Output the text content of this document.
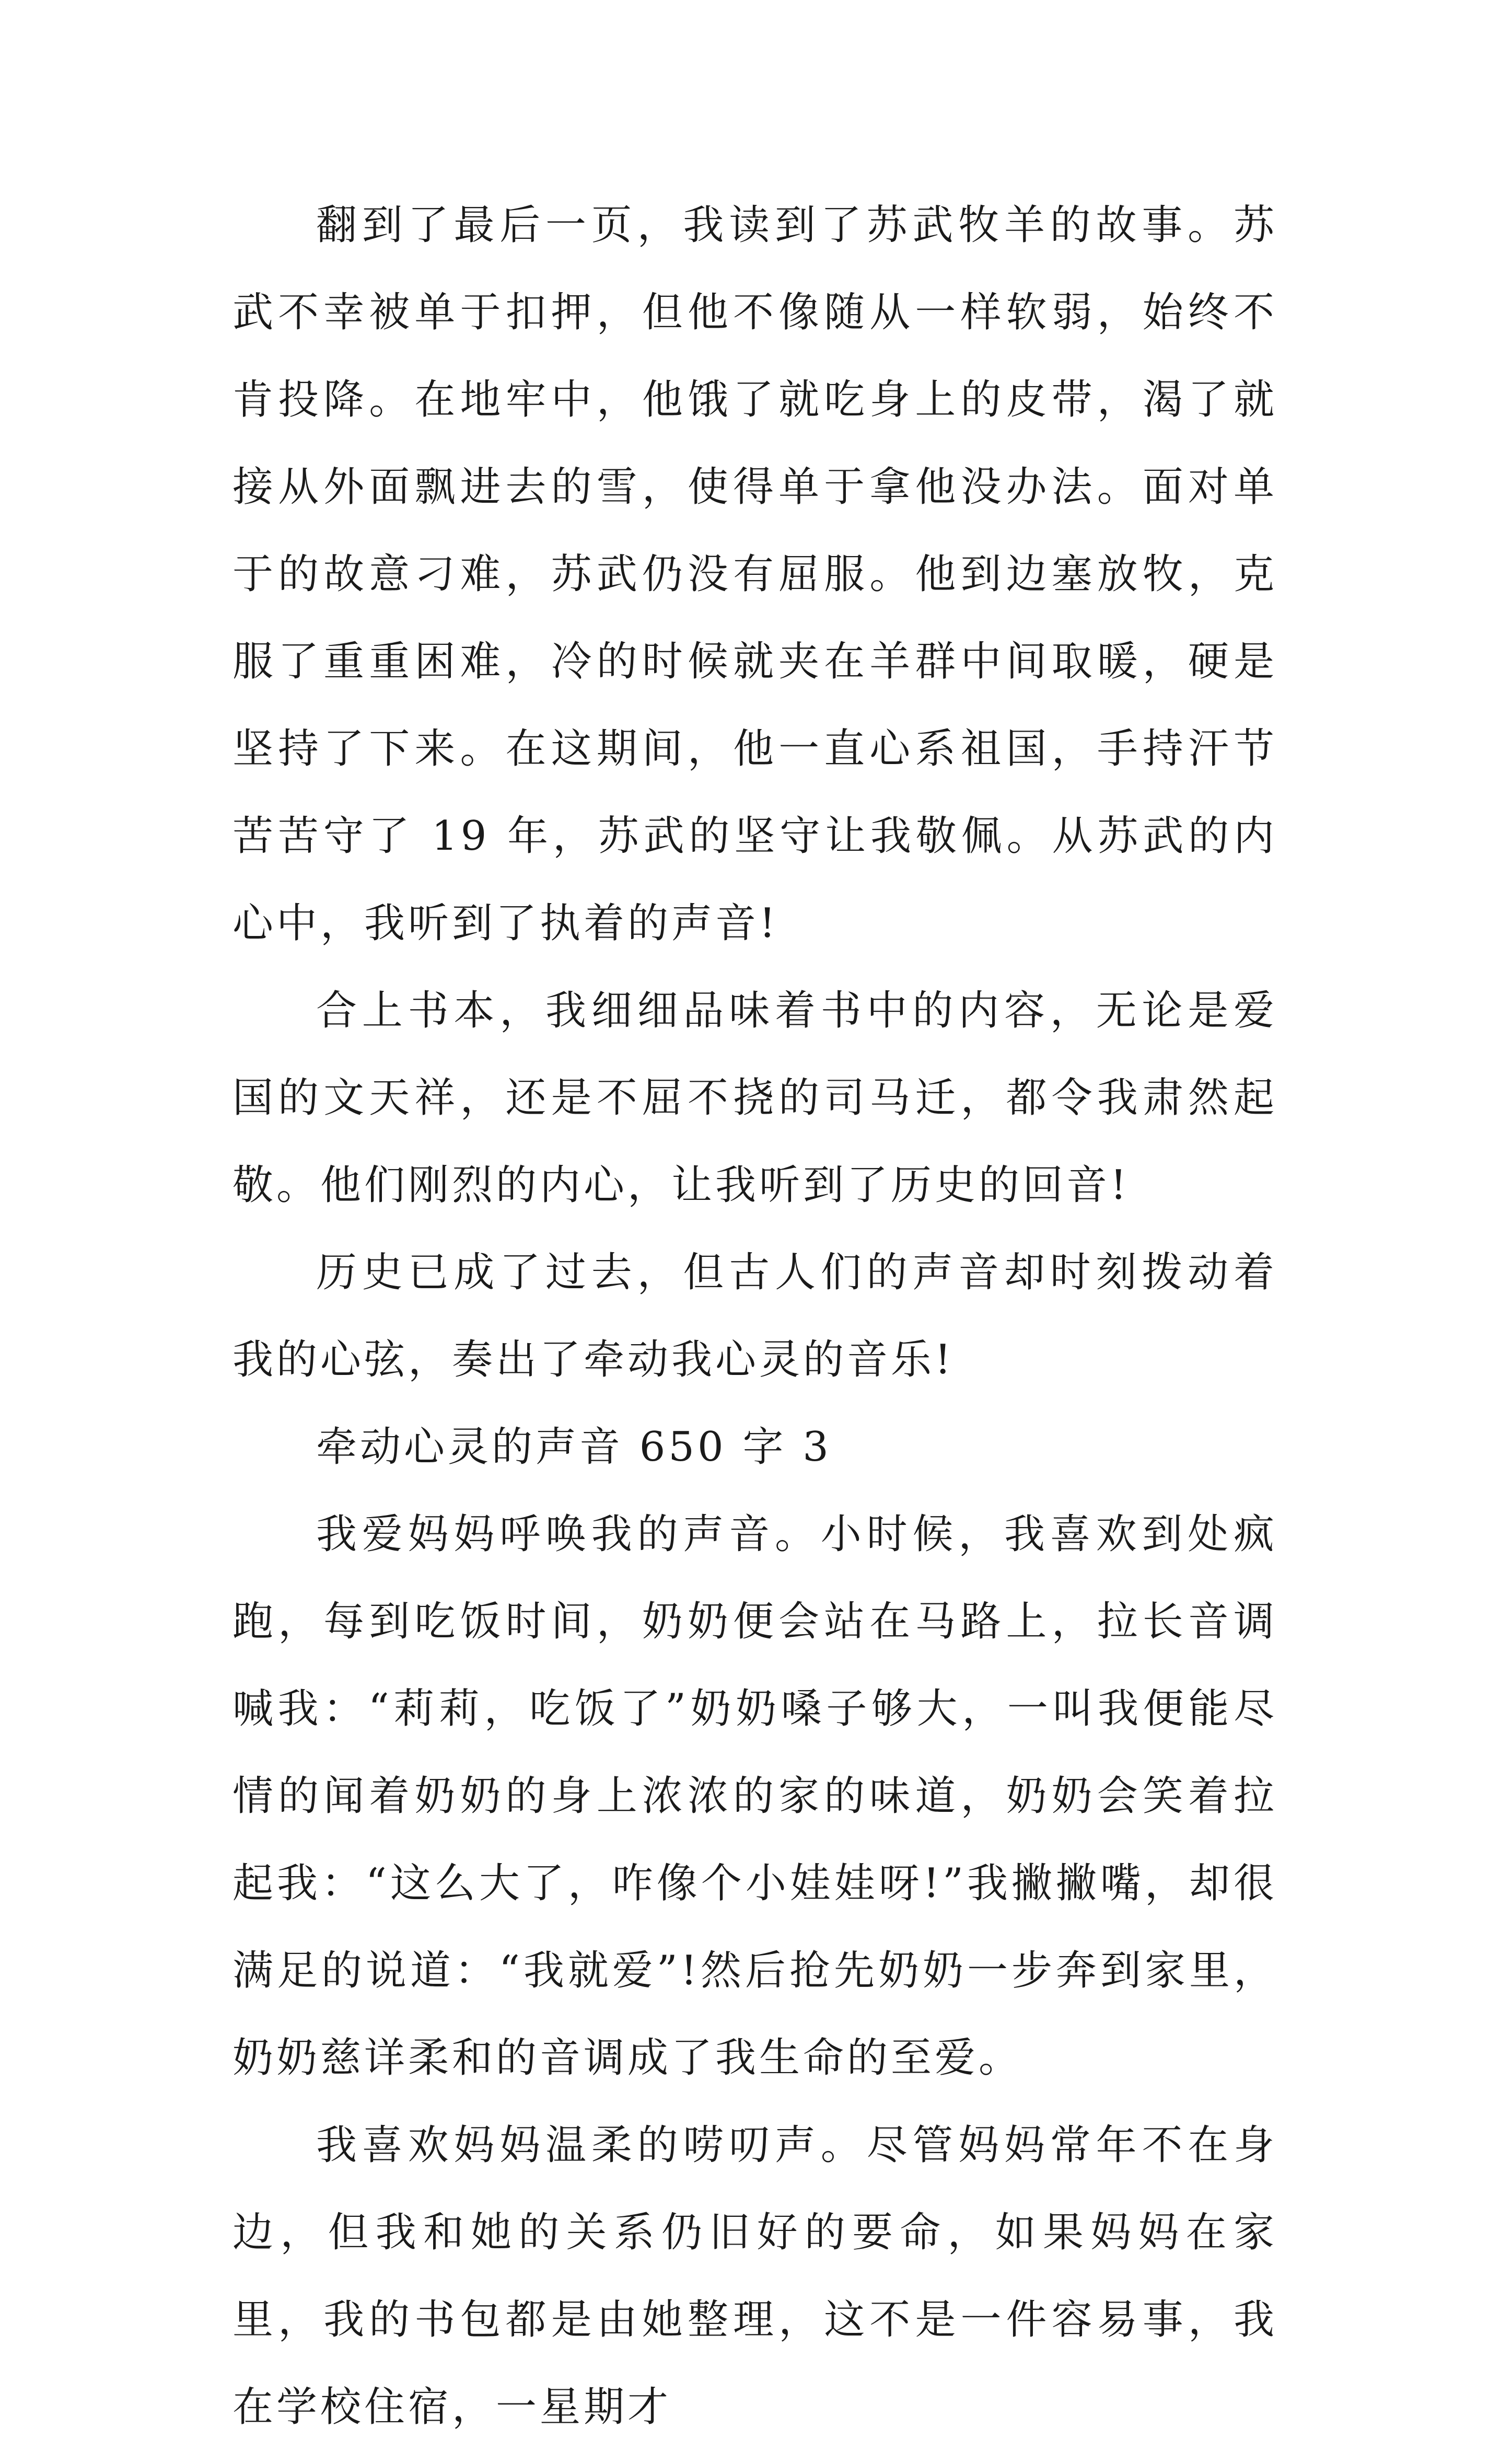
翻到了最后一页，我读到了苏武牧羊的故事。苏武不幸被单于扣押，但他不像随从一样软弱，始终不肯投降。在地牢中，他饿了就吃身上的皮带，渴了就接从外面飘进去的雪，使得单于拿他没办法。面对单于的故意刁难，苏武仍没有屈服。他到边塞放牧，克服了重重困难，冷的时候就夹在羊群中间取暖，硬是坚持了下来。在这期间，他一直心系祖国，手持汗节苦苦守了 19 年，苏武的坚守让我敬佩。从苏武的内心中，我听到了执着的声音!

合上书本，我细细品味着书中的内容，无论是爱国的文天祥，还是不屈不挠的司马迁，都令我肃然起敬。他们刚烈的内心，让我听到了历史的回音!

历史已成了过去，但古人们的声音却时刻拨动着我的心弦，奏出了牵动我心灵的音乐!

牵动心灵的声音 650 字 3

我爱妈妈呼唤我的声音。小时候，我喜欢到处疯跑，每到吃饭时间，奶奶便会站在马路上，拉长音调喊我：“莉莉，吃饭了”奶奶嗓子够大，一叫我便能尽情的闻着奶奶的身上浓浓的家的味道，奶奶会笑着拉起我：“这么大了，咋像个小娃娃呀!”我撇撇嘴，却很满足的说道：“我就爱”!然后抢先奶奶一步奔到家里，奶奶慈详柔和的音调成了我生命的至爱。

我喜欢妈妈温柔的唠叨声。尽管妈妈常年不在身边，但我和她的关系仍旧好的要命，如果妈妈在家里，我的书包都是由她整理，这不是一件容易事，我在学校住宿，一星期才
